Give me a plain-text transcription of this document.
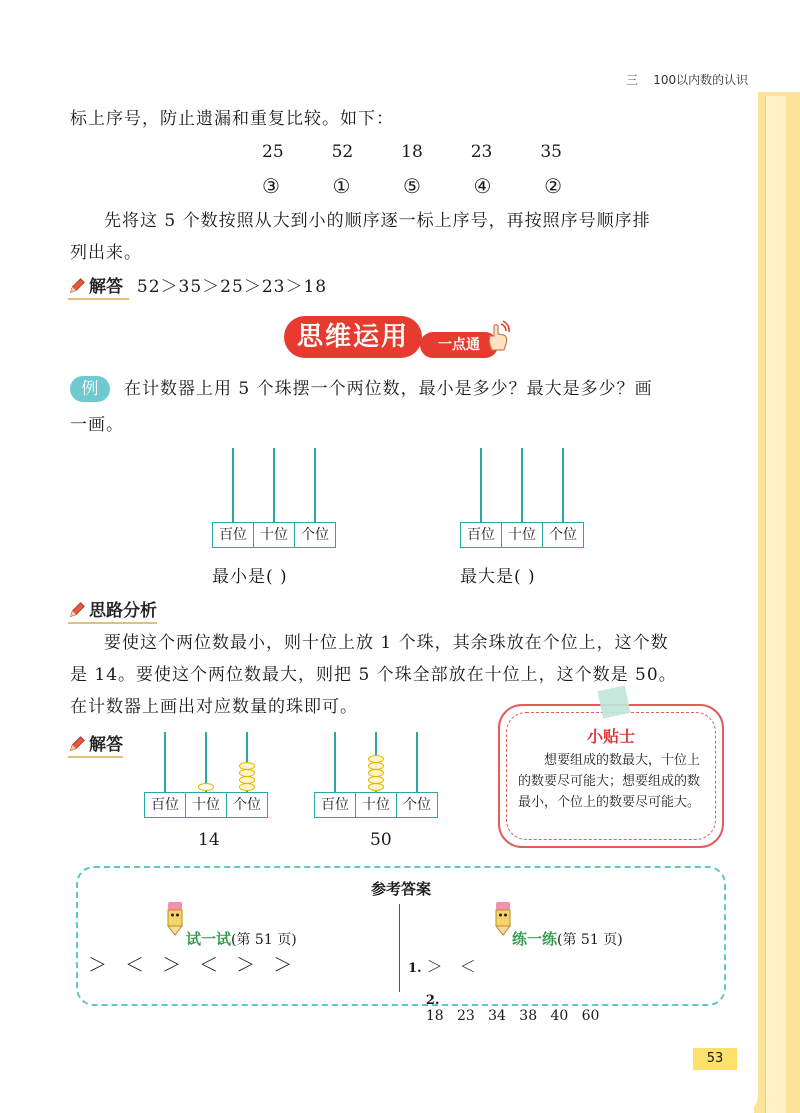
三 100以内数的认识
标上序号，防止遗漏和重复比较。如下：
25	52	18	23	35
③	①	⑤	④	②
先将这 5 个数按照从大到小的顺序逐一标上序号，再按照序号顺序排
列出来。
解答 52＞35＞25＞23＞18
思维运用	一点通
例	在计数器上用 5 个珠摆一个两位数，最小是多少？最大是多少？画
一画。
百位 十位 个位
最小是( )
百位 十位 个位
最大是( )
思路分析
要使这个两位数最小，则十位上放 1 个珠，其余珠放在个位上，这个数
是 14。要使这个两位数最大，则把 5 个珠全部放在十位上，这个数是 50。
在计数器上画出对应数量的珠即可。
解答
百位 十位 个位
14
百位 十位 个位
50
小贴士
想要组成的数最大，十位上的数要尽可能大；想要组成的数最小，个位上的数要尽可能大。
参考答案
试一试(第 51 页)
＞ ＜ ＞ ＜ ＞ ＞
练一练(第 51 页)
1. ＞ ＜

2.
18   23   34   38   40   60

53
